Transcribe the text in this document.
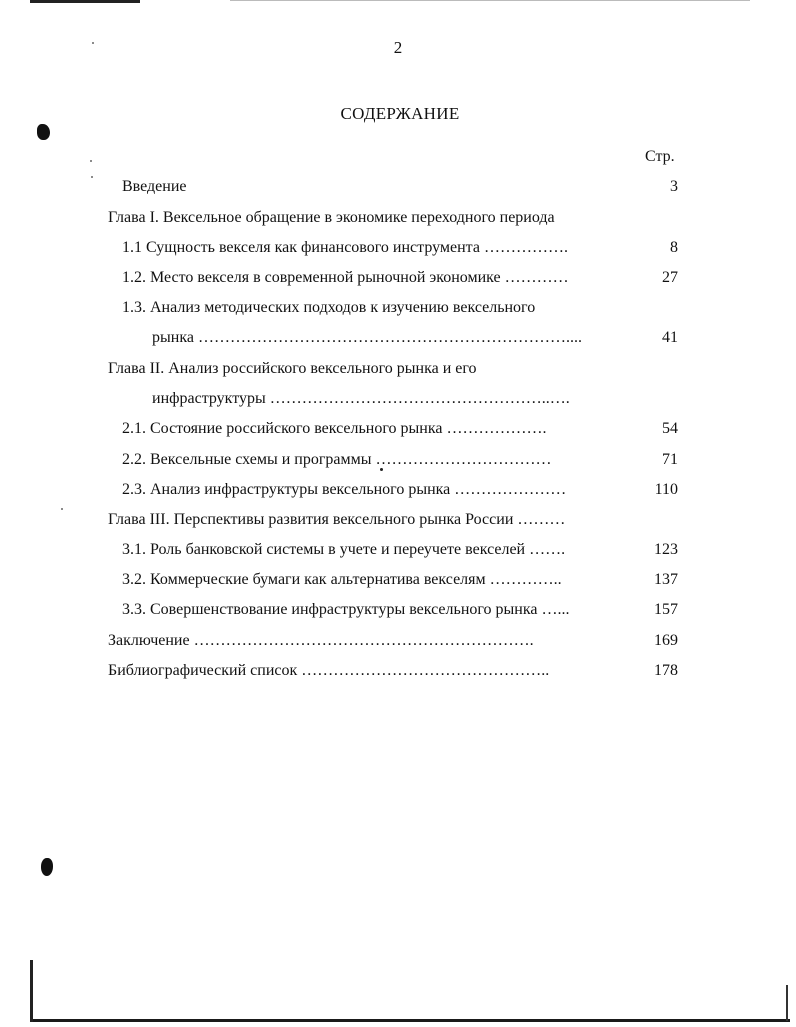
2
СОДЕРЖАНИЕ
Стр.
Введение	3
Глава I. Вексельное обращение в экономике переходного периода
1.1 Сущность векселя как финансового инструмента …………….	8
1.2. Место векселя в современной рыночной экономике …………	27
1.3. Анализ методических подходов к изучению вексельного
рынка ……………………………………………………………....	41
Глава II. Анализ российского вексельного рынка и его
инфраструктуры ……………………………………………..….
2.1. Состояние российского вексельного рынка ……………….	54
2.2. Вексельные схемы и программы ……………………………	71
2.3. Анализ инфраструктуры вексельного рынка …………………	110
Глава III. Перспективы развития вексельного рынка России ………
3.1. Роль банковской системы в учете и переучете векселей …….	123
3.2. Коммерческие бумаги как альтернатива векселям …………..	137
3.3. Совершенствование инфраструктуры вексельного рынка …...	157
Заключение ……………………………………………………….	169
Библиографический список ………………………………………..	178
